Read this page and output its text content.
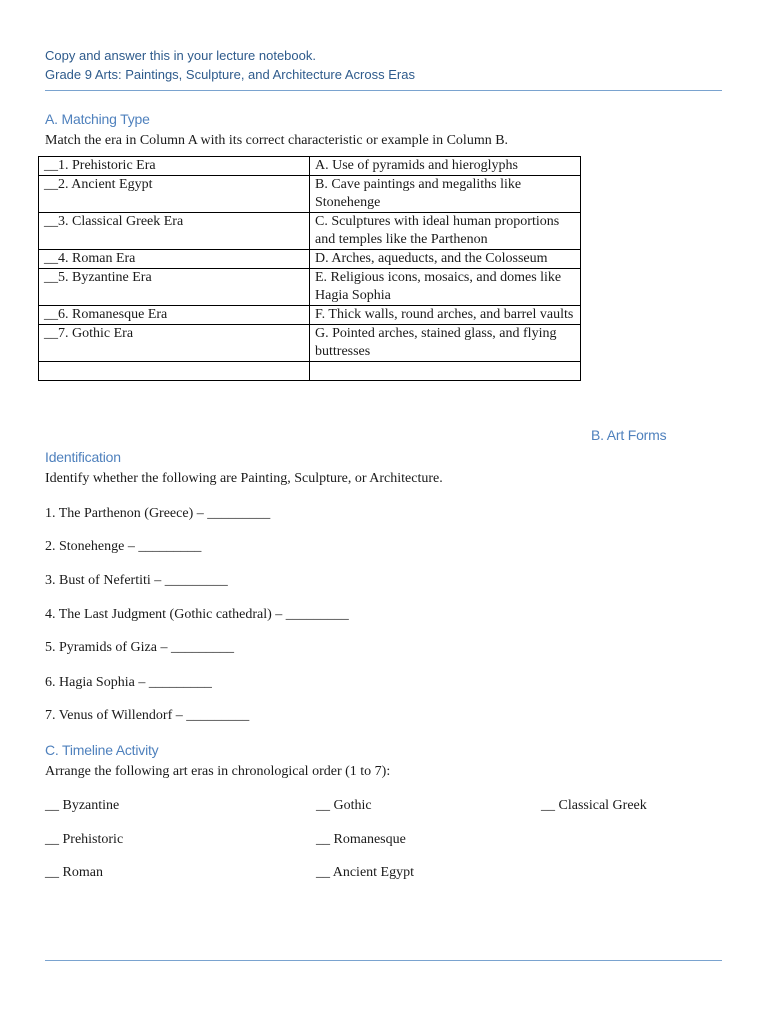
Copy and answer this in your lecture notebook.
Grade 9 Arts: Paintings, Sculpture, and Architecture Across Eras
A. Matching Type
Match the era in Column A with its correct characteristic or example in Column B.
__1. Prehistoric Era	A. Use of pyramids and hieroglyphs
__2. Ancient Egypt	B. Cave paintings and megaliths like Stonehenge
__3. Classical Greek Era	C. Sculptures with ideal human proportions and temples like the Parthenon
__4. Roman Era	D. Arches, aqueducts, and the Colosseum
__5. Byzantine Era	E. Religious icons, mosaics, and domes like Hagia Sophia
__6. Romanesque Era	F. Thick walls, round arches, and barrel vaults
__7. Gothic Era	G. Pointed arches, stained glass, and flying buttresses

B. Art Forms
Identification
Identify whether the following are Painting, Sculpture, or Architecture.
1. The Parthenon (Greece) – _________
2. Stonehenge – _________
3. Bust of Nefertiti – _________
4. The Last Judgment (Gothic cathedral) – _________
5. Pyramids of Giza – _________
6. Hagia Sophia – _________
7. Venus of Willendorf – _________
C. Timeline Activity
Arrange the following art eras in chronological order (1 to 7):
__ Byzantine	__ Gothic	__ Classical Greek
__ Prehistoric	__ Romanesque
__ Roman	__ Ancient Egypt
